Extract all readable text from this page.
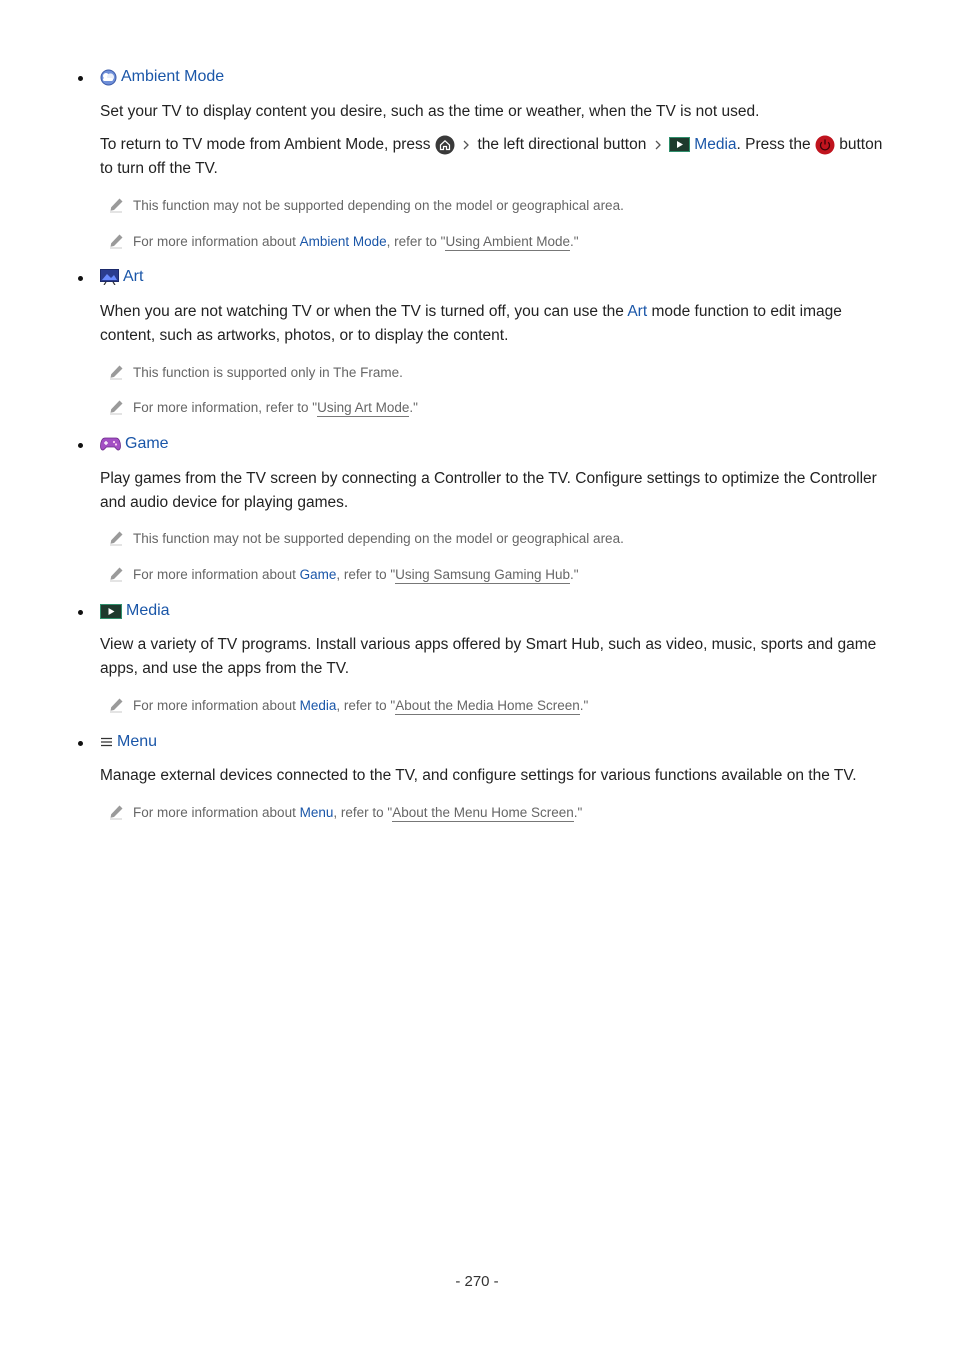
Ambient Mode
Set your TV to display content you desire, such as the time or weather, when the TV is not used.
To return to TV mode from Ambient Mode, press	the left directional button	Media. Press the button to turn off the TV.
This function may not be supported depending on the model or geographical area.
For more information about Ambient Mode, refer to "Using Ambient Mode."
Art
When you are not watching TV or when the TV is turned off, you can use the Art mode function to edit image content, such as artworks, photos, or to display the content.
This function is supported only in The Frame.
For more information, refer to "Using Art Mode."
Game
Play games from the TV screen by connecting a Controller to the TV. Configure settings to optimize the Controller and audio device for playing games.
This function may not be supported depending on the model or geographical area.
For more information about Game, refer to "Using Samsung Gaming Hub."
Media
View a variety of TV programs. Install various apps offered by Smart Hub, such as video, music, sports and game apps, and use the apps from the TV.
For more information about Media, refer to "About the Media Home Screen."
Menu
Manage external devices connected to the TV, and configure settings for various functions available on the TV.
For more information about Menu, refer to "About the Menu Home Screen."
- 270 -
